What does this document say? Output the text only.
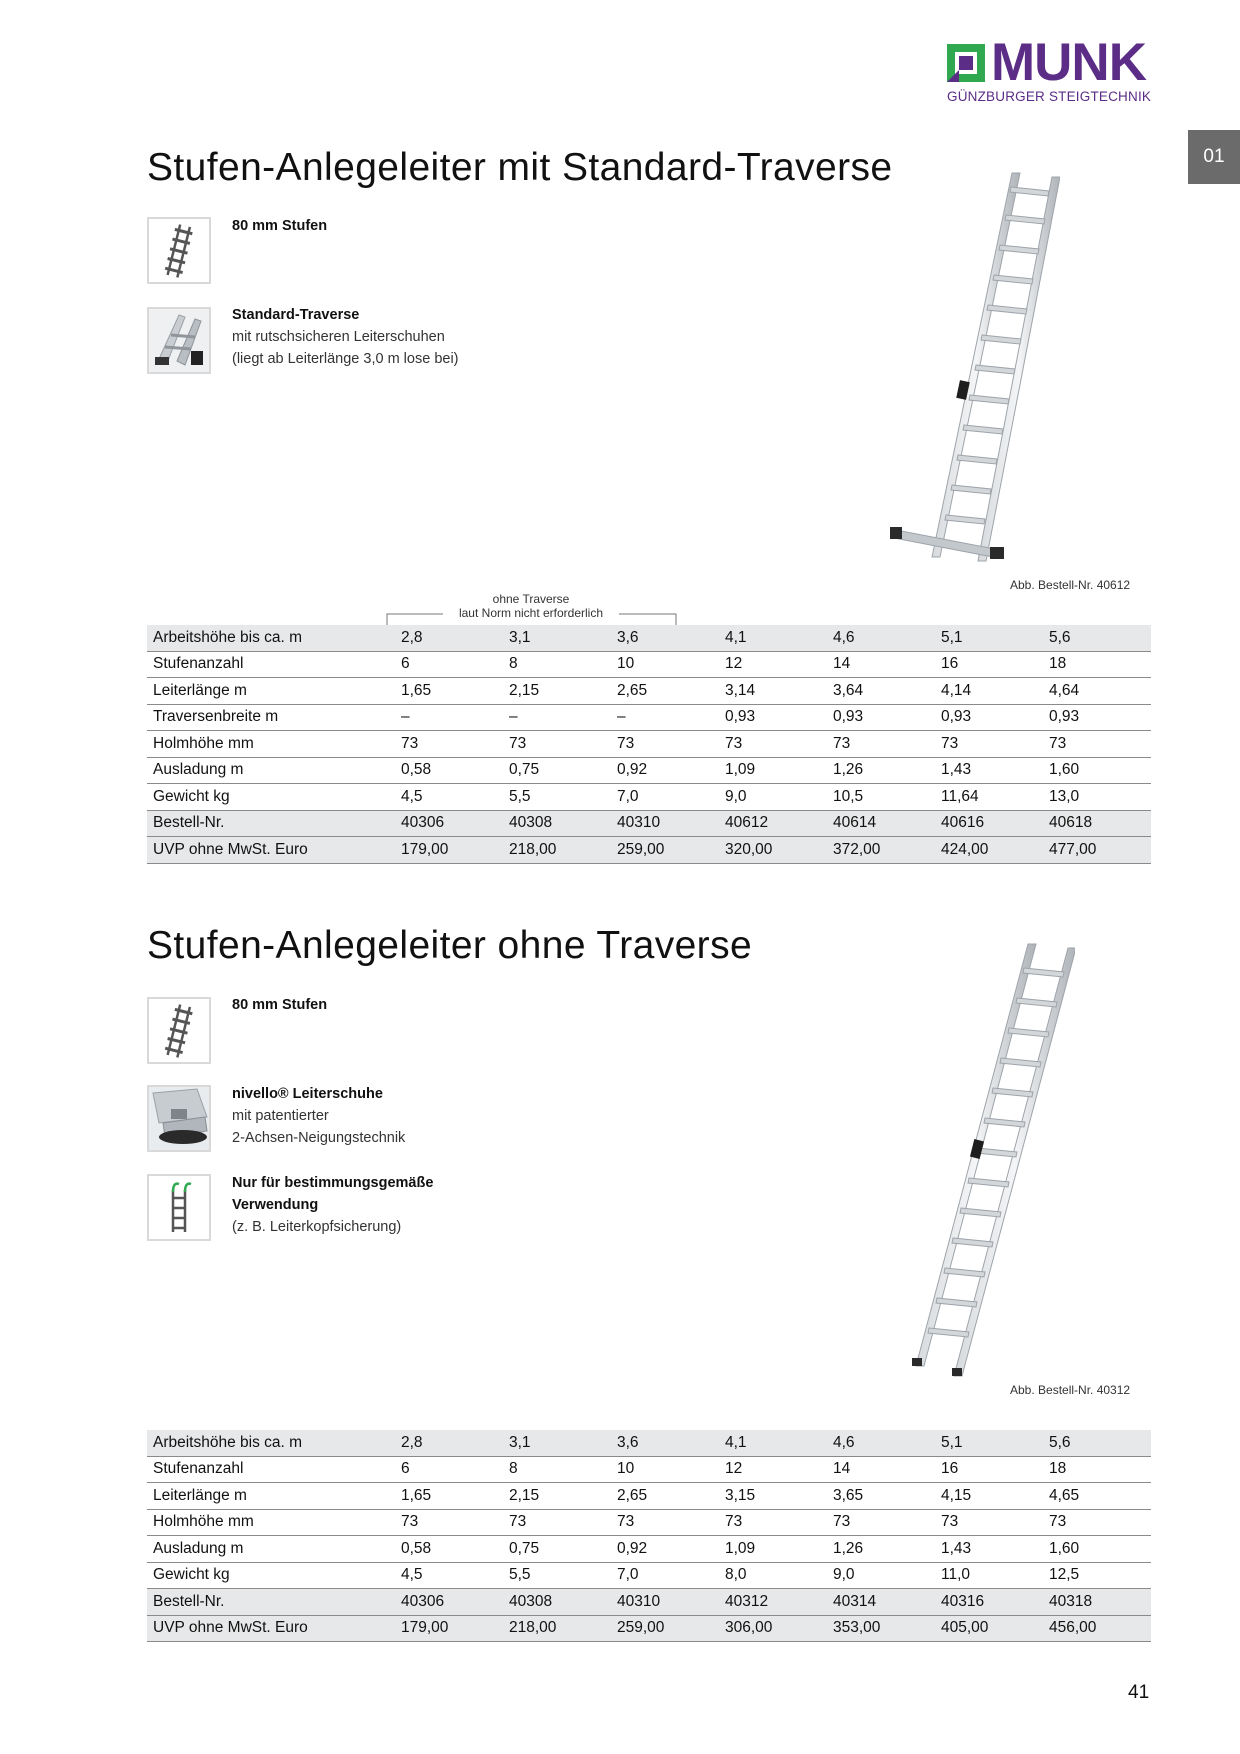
MUNK
GÜNZBURGER STEIGTECHNIK
01
Stufen-Anlegeleiter mit Standard-Traverse
80 mm Stufen
Standard-Traverse
mit rutschsicheren Leiterschuhen
(liegt ab Leiterlänge 3,0 m lose bei)
Abb. Bestell-Nr. 40612
ohne Traverse
laut Norm nicht erforderlich
Arbeitshöhe bis ca. m	2,8	3,1	3,6	4,1	4,6	5,1	5,6
Stufenanzahl	6	8	10	12	14	16	18
Leiterlänge m	1,65	2,15	2,65	3,14	3,64	4,14	4,64
Traversenbreite m	–	–	–	0,93	0,93	0,93	0,93
Holmhöhe mm	73	73	73	73	73	73	73
Ausladung m	0,58	0,75	0,92	1,09	1,26	1,43	1,60
Gewicht kg	4,5	5,5	7,0	9,0	10,5	11,64	13,0
Bestell-Nr.	40306	40308	40310	40612	40614	40616	40618
UVP ohne MwSt. Euro	179,00	218,00	259,00	320,00	372,00	424,00	477,00
Stufen-Anlegeleiter ohne Traverse
80 mm Stufen
nivello® Leiterschuhe
mit patentierter
2-Achsen-Neigungstechnik
Nur für bestimmungsgemäße
Verwendung
(z. B. Leiterkopfsicherung)
Abb. Bestell-Nr. 40312
Arbeitshöhe bis ca. m	2,8	3,1	3,6	4,1	4,6	5,1	5,6
Stufenanzahl	6	8	10	12	14	16	18
Leiterlänge m	1,65	2,15	2,65	3,15	3,65	4,15	4,65
Holmhöhe mm	73	73	73	73	73	73	73
Ausladung m	0,58	0,75	0,92	1,09	1,26	1,43	1,60
Gewicht kg	4,5	5,5	7,0	8,0	9,0	11,0	12,5
Bestell-Nr.	40306	40308	40310	40312	40314	40316	40318
UVP ohne MwSt. Euro	179,00	218,00	259,00	306,00	353,00	405,00	456,00
41
